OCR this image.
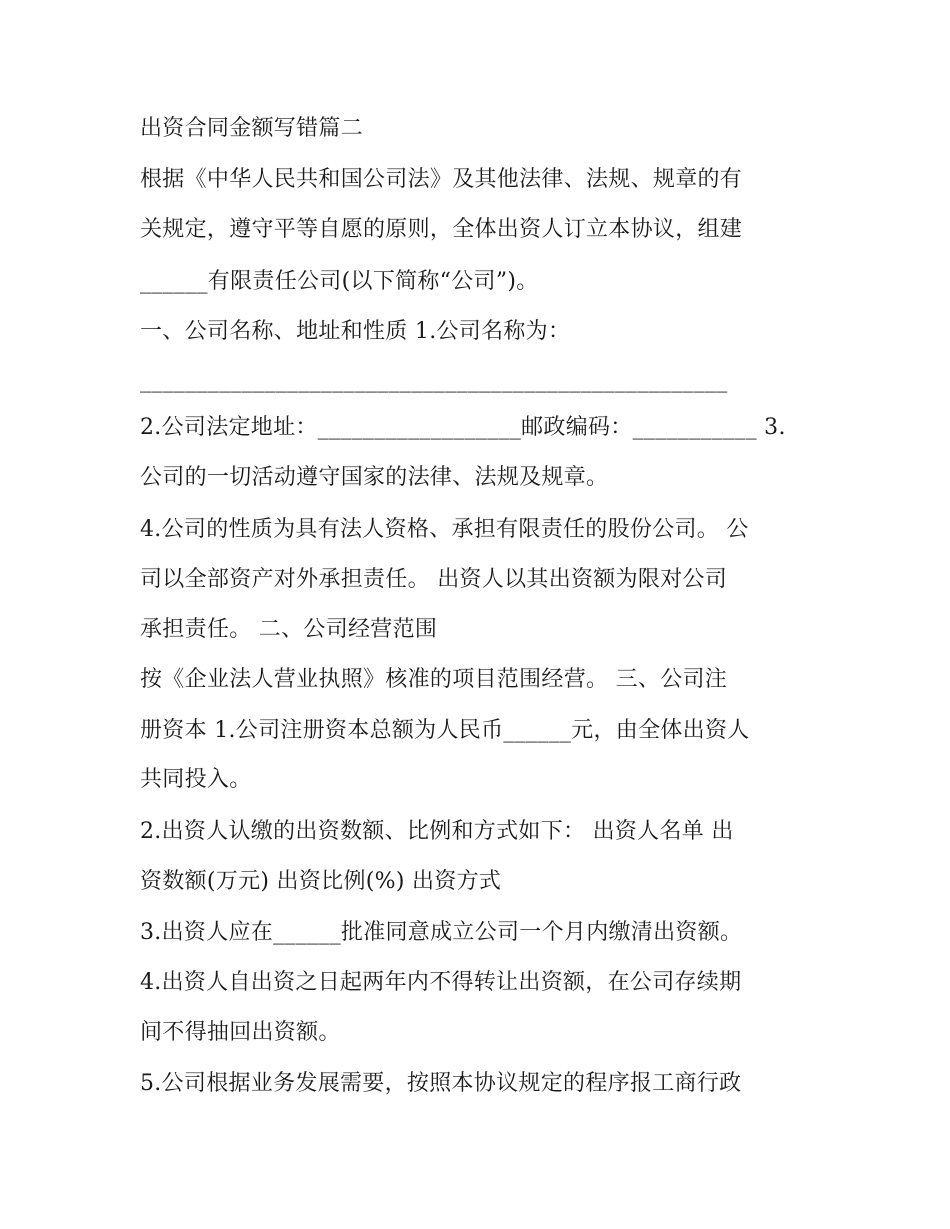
出资合同金额写错篇二
根据《中华人民共和国公司法》及其他法律、法规、规章的有
关规定，遵守平等自愿的原则，全体出资人订立本协议，组建
______有限责任公司(以下简称“公司”)。
一、公司名称、地址和性质 1.公司名称为：
____________________________________________________
2.公司法定地址：__________________邮政编码：___________ 3.
公司的一切活动遵守国家的法律、法规及规章。
4.公司的性质为具有法人资格、承担有限责任的股份公司。 公
司以全部资产对外承担责任。 出资人以其出资额为限对公司
承担责任。 二、公司经营范围
按《企业法人营业执照》核准的项目范围经营。 三、公司注
册资本 1.公司注册资本总额为人民币______元，由全体出资人
共同投入。
2.出资人认缴的出资数额、比例和方式如下： 出资人名单 出
资数额(万元) 出资比例(%) 出资方式
3.出资人应在______批准同意成立公司一个月内缴清出资额。
4.出资人自出资之日起两年内不得转让出资额，在公司存续期
间不得抽回出资额。
5.公司根据业务发展需要，按照本协议规定的程序报工商行政
